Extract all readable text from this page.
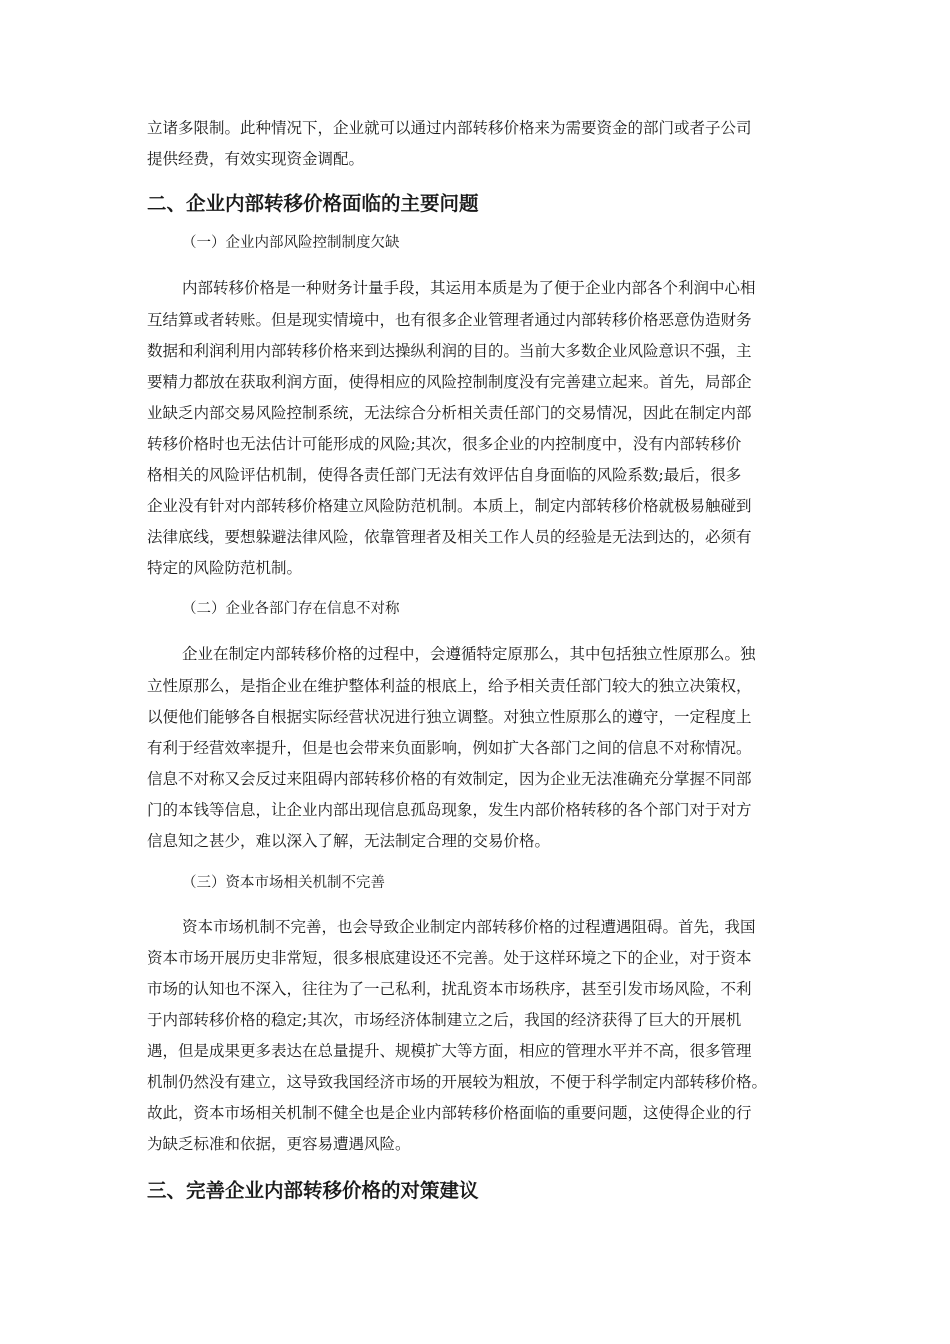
立诸多限制。此种情况下，企业就可以通过内部转移价格来为需要资金的部门或者子公司
提供经费，有效实现资金调配。
二、企业内部转移价格面临的主要问题
（一）企业内部风险控制制度欠缺
内部转移价格是一种财务计量手段，其运用本质是为了便于企业内部各个利润中心相
互结算或者转账。但是现实情境中，也有很多企业管理者通过内部转移价格恶意伪造财务
数据和利润利用内部转移价格来到达操纵利润的目的。当前大多数企业风险意识不强，主
要精力都放在获取利润方面，使得相应的风险控制制度没有完善建立起来。首先，局部企
业缺乏内部交易风险控制系统，无法综合分析相关责任部门的交易情况，因此在制定内部
转移价格时也无法估计可能形成的风险;其次，很多企业的内控制度中，没有内部转移价
格相关的风险评估机制，使得各责任部门无法有效评估自身面临的风险系数;最后，很多
企业没有针对内部转移价格建立风险防范机制。本质上，制定内部转移价格就极易触碰到
法律底线，要想躲避法律风险，依靠管理者及相关工作人员的经验是无法到达的，必须有
特定的风险防范机制。
（二）企业各部门存在信息不对称
企业在制定内部转移价格的过程中，会遵循特定原那么，其中包括独立性原那么。独
立性原那么，是指企业在维护整体利益的根底上，给予相关责任部门较大的独立决策权，
以便他们能够各自根据实际经营状况进行独立调整。对独立性原那么的遵守，一定程度上
有利于经营效率提升，但是也会带来负面影响，例如扩大各部门之间的信息不对称情况。
信息不对称又会反过来阻碍内部转移价格的有效制定，因为企业无法准确充分掌握不同部
门的本钱等信息，让企业内部出现信息孤岛现象，发生内部价格转移的各个部门对于对方
信息知之甚少，难以深入了解，无法制定合理的交易价格。
（三）资本市场相关机制不完善
资本市场机制不完善，也会导致企业制定内部转移价格的过程遭遇阻碍。首先，我国
资本市场开展历史非常短，很多根底建设还不完善。处于这样环境之下的企业，对于资本
市场的认知也不深入，往往为了一己私利，扰乱资本市场秩序，甚至引发市场风险，不利
于内部转移价格的稳定;其次，市场经济体制建立之后，我国的经济获得了巨大的开展机
遇，但是成果更多表达在总量提升、规模扩大等方面，相应的管理水平并不高，很多管理
机制仍然没有建立，这导致我国经济市场的开展较为粗放，不便于科学制定内部转移价格。
故此，资本市场相关机制不健全也是企业内部转移价格面临的重要问题，这使得企业的行
为缺乏标准和依据，更容易遭遇风险。
三、完善企业内部转移价格的对策建议
